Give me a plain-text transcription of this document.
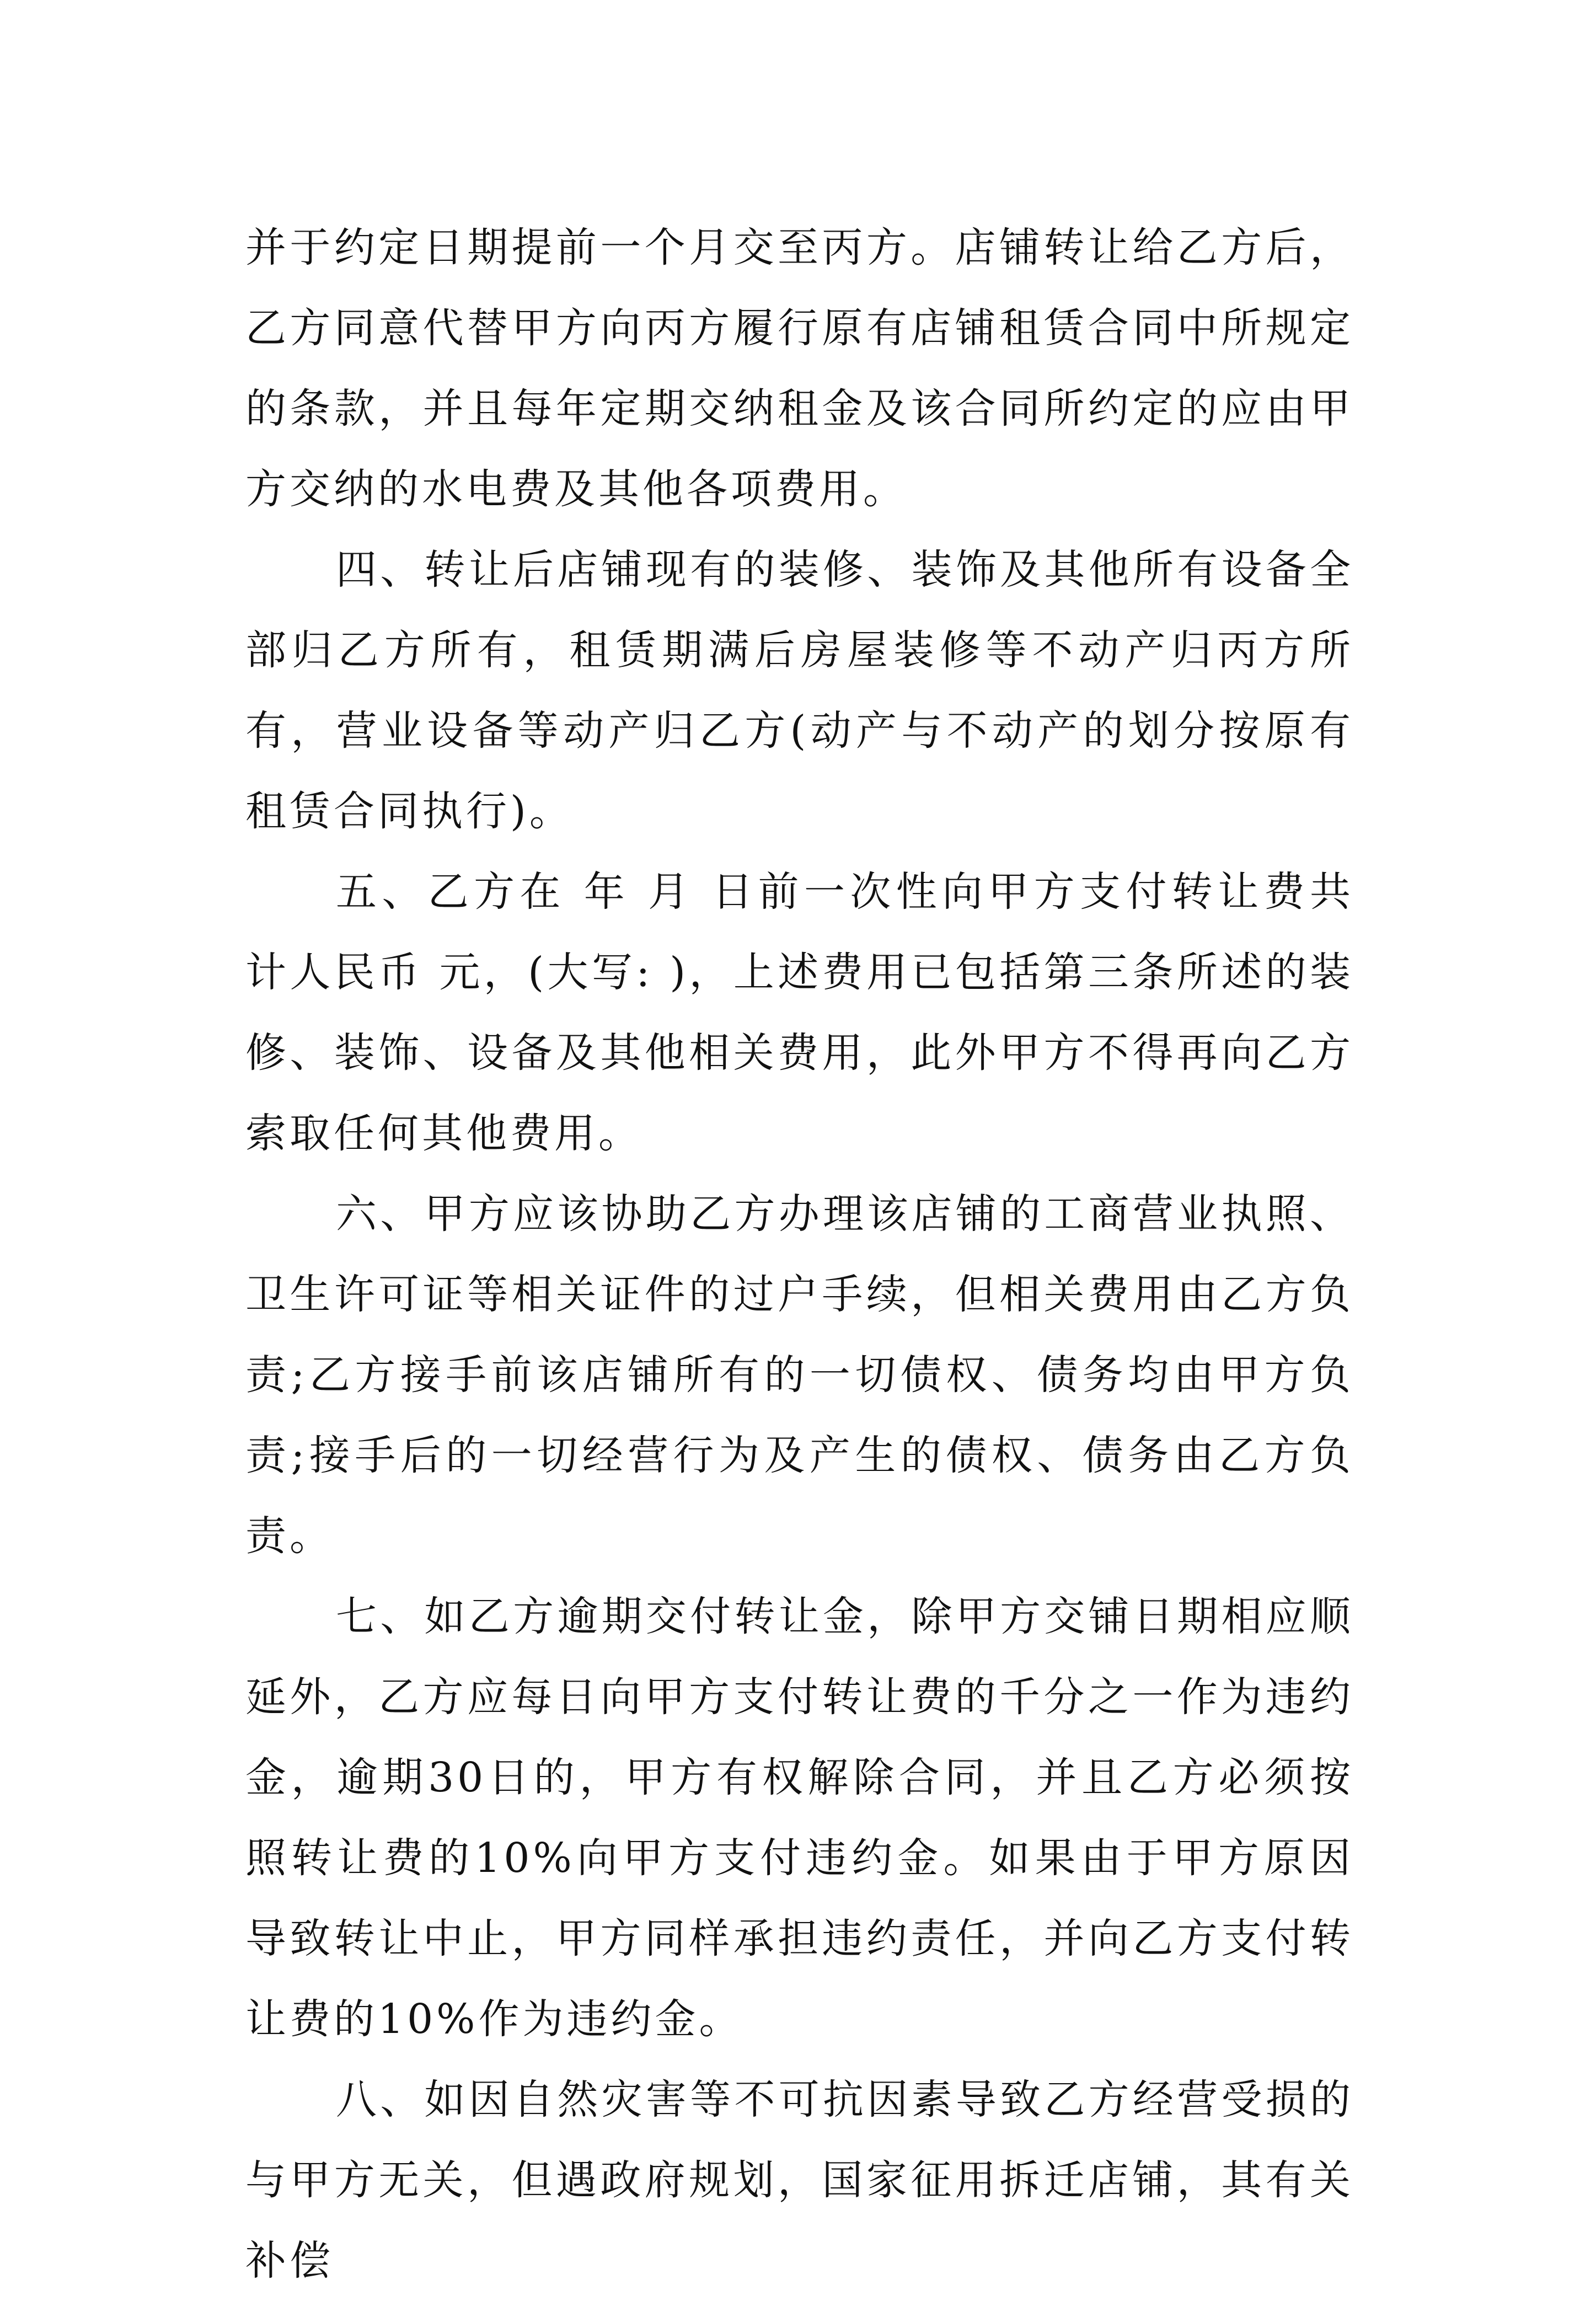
并于约定日期提前一个月交至丙方。店铺转让给乙方后，乙方同意代替甲方向丙方履行原有店铺租赁合同中所规定的条款，并且每年定期交纳租金及该合同所约定的应由甲方交纳的水电费及其他各项费用。

四、转让后店铺现有的装修、装饰及其他所有设备全部归乙方所有，租赁期满后房屋装修等不动产归丙方所有，营业设备等动产归乙方(动产与不动产的划分按原有租赁合同执行)。

五、乙方在 年 月 日前一次性向甲方支付转让费共计人民币 元，(大写: )，上述费用已包括第三条所述的装修、装饰、设备及其他相关费用，此外甲方不得再向乙方索取任何其他费用。

六、甲方应该协助乙方办理该店铺的工商营业执照、卫生许可证等相关证件的过户手续，但相关费用由乙方负责;乙方接手前该店铺所有的一切债权、债务均由甲方负责;接手后的一切经营行为及产生的债权、债务由乙方负责。

七、如乙方逾期交付转让金，除甲方交铺日期相应顺延外，乙方应每日向甲方支付转让费的千分之一作为违约金，逾期30日的，甲方有权解除合同，并且乙方必须按照转让费的10%向甲方支付违约金。如果由于甲方原因导致转让中止，甲方同样承担违约责任，并向乙方支付转让费的10%作为违约金。

八、如因自然灾害等不可抗因素导致乙方经营受损的与甲方无关，但遇政府规划，国家征用拆迁店铺，其有关补偿
